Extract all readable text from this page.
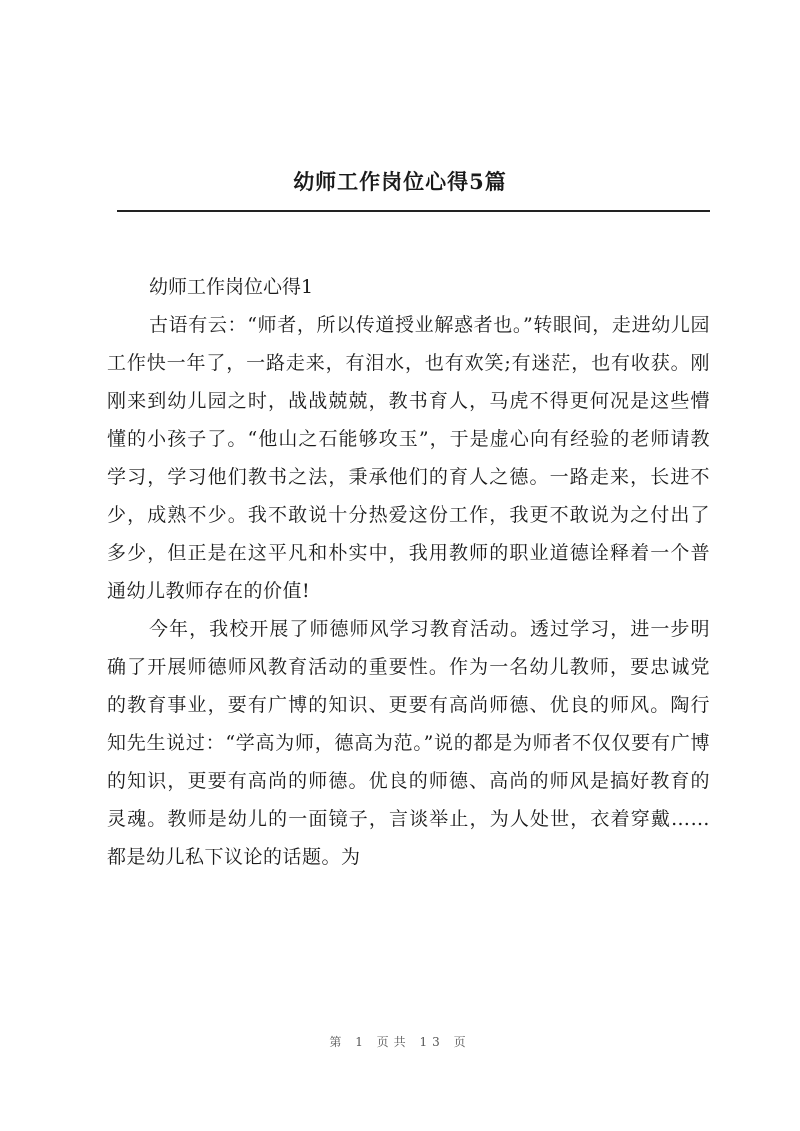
幼师工作岗位心得5篇

幼师工作岗位心得1

古语有云：“师者，所以传道授业解惑者也。”转眼间，走进幼儿园工作快一年了，一路走来，有泪水，也有欢笑;有迷茫，也有收获。刚刚来到幼儿园之时，战战兢兢，教书育人，马虎不得更何况是这些懵懂的小孩子了。“他山之石能够攻玉”，于是虚心向有经验的老师请教学习，学习他们教书之法，秉承他们的育人之德。一路走来，长进不少，成熟不少。我不敢说十分热爱这份工作，我更不敢说为之付出了多少，但正是在这平凡和朴实中，我用教师的职业道德诠释着一个普通幼儿教师存在的价值!

今年，我校开展了师德师风学习教育活动。透过学习，进一步明确了开展师德师风教育活动的重要性。作为一名幼儿教师，要忠诚党的教育事业，要有广博的知识、更要有高尚师德、优良的师风。陶行知先生说过：“学高为师，德高为范。”说的都是为师者不仅仅要有广博的知识，更要有高尚的师德。优良的师德、高尚的师风是搞好教育的灵魂。教师是幼儿的一面镜子，言谈举止，为人处世，衣着穿戴……都是幼儿私下议论的话题。为

第 1 页共 13 页
